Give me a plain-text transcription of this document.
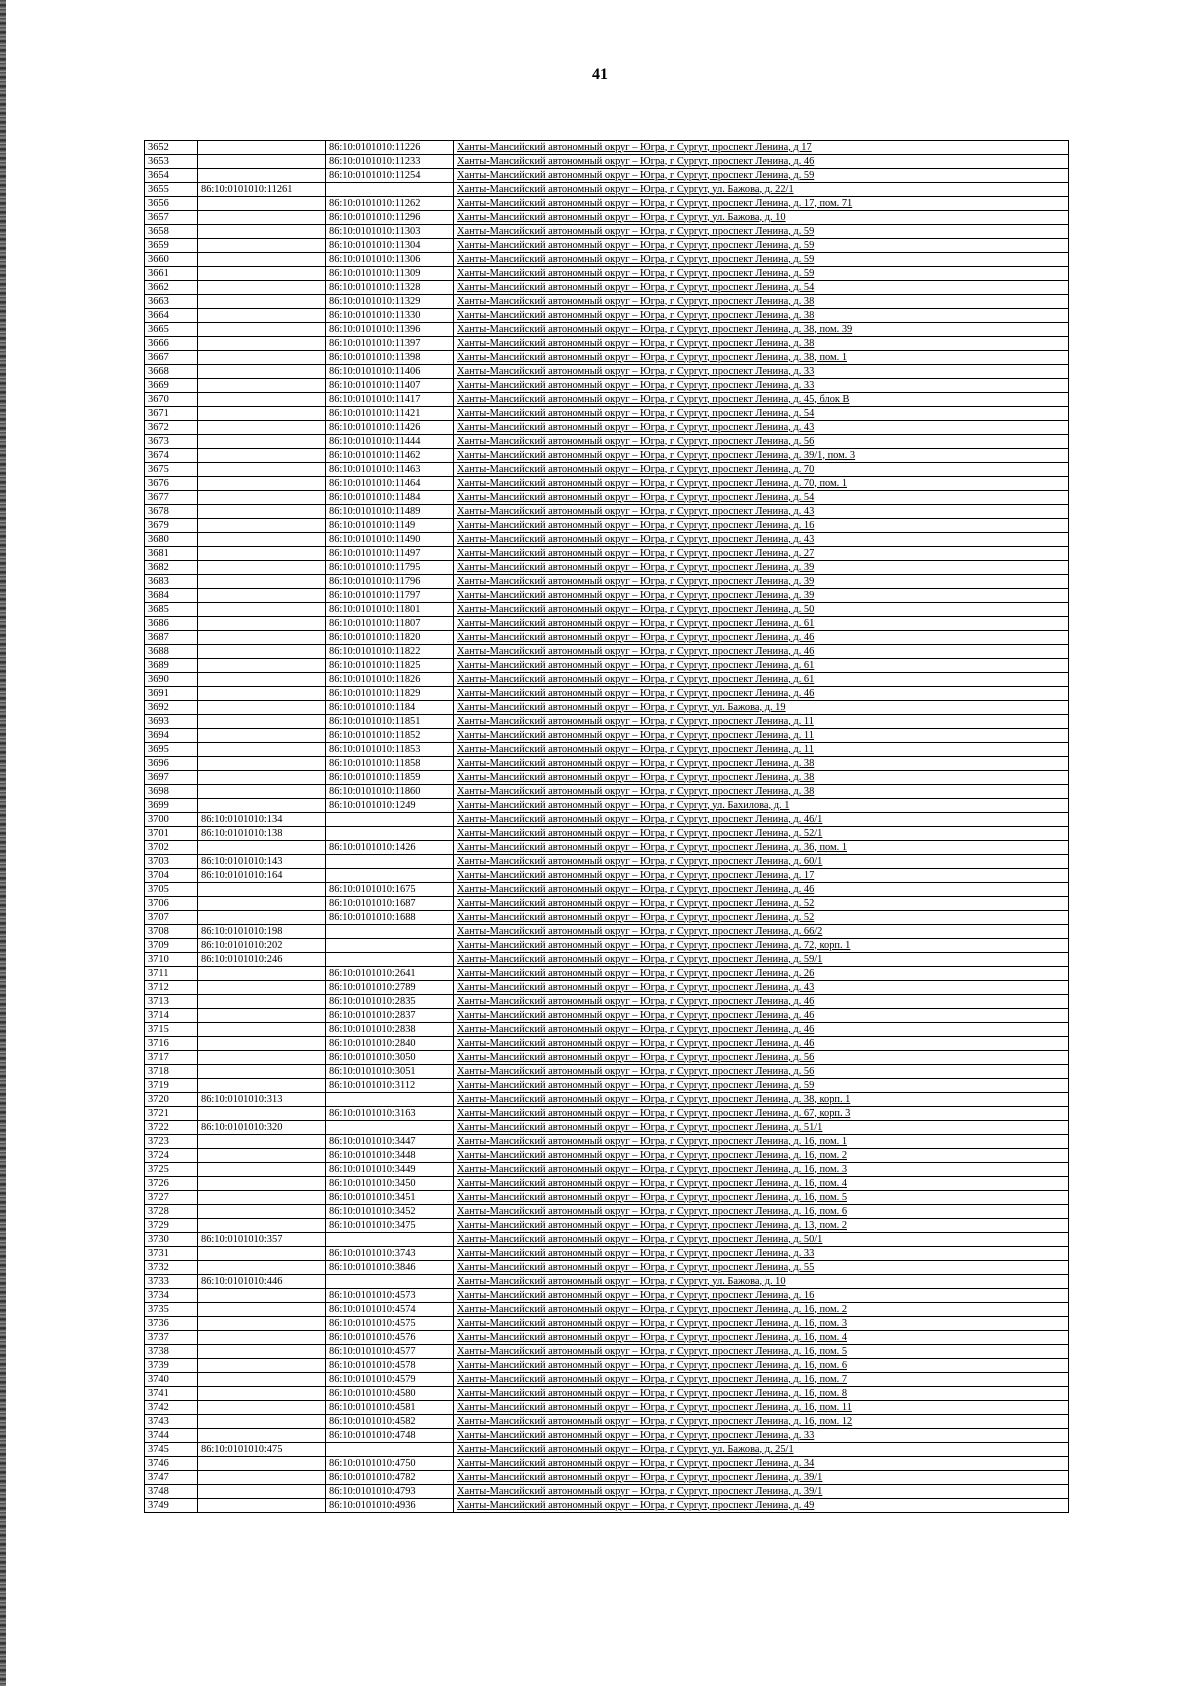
41
3652		86:10:0101010:11226	Ханты-Мансийский автономный округ – Югра, г Сургут, проспект Ленина, д 17
3653		86:10:0101010:11233	Ханты-Мансийский автономный округ – Югра, г Сургут, проспект Ленина, д. 46
3654		86:10:0101010:11254	Ханты-Мансийский автономный округ – Югра, г Сургут, проспект Ленина, д. 59
3655	86:10:0101010:11261		Ханты-Мансийский автономный округ – Югра, г Сургут, ул. Бажова, д. 22/1
3656		86:10:0101010:11262	Ханты-Мансийский автономный округ – Югра, г Сургут, проспект Ленина, д. 17, пом. 71
3657		86:10:0101010:11296	Ханты-Мансийский автономный округ – Югра, г Сургут, ул. Бажова, д. 10
3658		86:10:0101010:11303	Ханты-Мансийский автономный округ – Югра, г Сургут, проспект Ленина, д. 59
3659		86:10:0101010:11304	Ханты-Мансийский автономный округ – Югра, г Сургут, проспект Ленина, д. 59
3660		86:10:0101010:11306	Ханты-Мансийский автономный округ – Югра, г Сургут, проспект Ленина, д. 59
3661		86:10:0101010:11309	Ханты-Мансийский автономный округ – Югра, г Сургут, проспект Ленина, д. 59
3662		86:10:0101010:11328	Ханты-Мансийский автономный округ – Югра, г Сургут, проспект Ленина, д. 54
3663		86:10:0101010:11329	Ханты-Мансийский автономный округ – Югра, г Сургут, проспект Ленина, д. 38
3664		86:10:0101010:11330	Ханты-Мансийский автономный округ – Югра, г Сургут, проспект Ленина, д. 38
3665		86:10:0101010:11396	Ханты-Мансийский автономный округ – Югра, г Сургут, проспект Ленина, д. 38, пом. 39
3666		86:10:0101010:11397	Ханты-Мансийский автономный округ – Югра, г Сургут, проспект Ленина, д. 38
3667		86:10:0101010:11398	Ханты-Мансийский автономный округ – Югра, г Сургут, проспект Ленина, д. 38, пом. 1
3668		86:10:0101010:11406	Ханты-Мансийский автономный округ – Югра, г Сургут, проспект Ленина, д. 33
3669		86:10:0101010:11407	Ханты-Мансийский автономный округ – Югра, г Сургут, проспект Ленина, д. 33
3670		86:10:0101010:11417	Ханты-Мансийский автономный округ – Югра, г Сургут, проспект Ленина, д. 45, блок В
3671		86:10:0101010:11421	Ханты-Мансийский автономный округ – Югра, г Сургут, проспект Ленина, д. 54
3672		86:10:0101010:11426	Ханты-Мансийский автономный округ – Югра, г Сургут, проспект Ленина, д. 43
3673		86:10:0101010:11444	Ханты-Мансийский автономный округ – Югра, г Сургут, проспект Ленина, д. 56
3674		86:10:0101010:11462	Ханты-Мансийский автономный округ – Югра, г Сургут, проспект Ленина, д. 39/1, пом. 3
3675		86:10:0101010:11463	Ханты-Мансийский автономный округ – Югра, г Сургут, проспект Ленина, д. 70
3676		86:10:0101010:11464	Ханты-Мансийский автономный округ – Югра, г Сургут, проспект Ленина, д. 70, пом. 1
3677		86:10:0101010:11484	Ханты-Мансийский автономный округ – Югра, г Сургут, проспект Ленина, д. 54
3678		86:10:0101010:11489	Ханты-Мансийский автономный округ – Югра, г Сургут, проспект Ленина, д. 43
3679		86:10:0101010:1149	Ханты-Мансийский автономный округ – Югра, г Сургут, проспект Ленина, д. 16
3680		86:10:0101010:11490	Ханты-Мансийский автономный округ – Югра, г Сургут, проспект Ленина, д. 43
3681		86:10:0101010:11497	Ханты-Мансийский автономный округ – Югра, г Сургут, проспект Ленина, д. 27
3682		86:10:0101010:11795	Ханты-Мансийский автономный округ – Югра, г Сургут, проспект Ленина, д. 39
3683		86:10:0101010:11796	Ханты-Мансийский автономный округ – Югра, г Сургут, проспект Ленина, д. 39
3684		86:10:0101010:11797	Ханты-Мансийский автономный округ – Югра, г Сургут, проспект Ленина, д. 39
3685		86:10:0101010:11801	Ханты-Мансийский автономный округ – Югра, г Сургут, проспект Ленина, д. 50
3686		86:10:0101010:11807	Ханты-Мансийский автономный округ – Югра, г Сургут, проспект Ленина, д. 61
3687		86:10:0101010:11820	Ханты-Мансийский автономный округ – Югра, г Сургут, проспект Ленина, д. 46
3688		86:10:0101010:11822	Ханты-Мансийский автономный округ – Югра, г Сургут, проспект Ленина, д. 46
3689		86:10:0101010:11825	Ханты-Мансийский автономный округ – Югра, г Сургут, проспект Ленина, д. 61
3690		86:10:0101010:11826	Ханты-Мансийский автономный округ – Югра, г Сургут, проспект Ленина, д. 61
3691		86:10:0101010:11829	Ханты-Мансийский автономный округ – Югра, г Сургут, проспект Ленина, д. 46
3692		86:10:0101010:1184	Ханты-Мансийский автономный округ – Югра, г Сургут, ул. Бажова, д. 19
3693		86:10:0101010:11851	Ханты-Мансийский автономный округ – Югра, г Сургут, проспект Ленина, д. 11
3694		86:10:0101010:11852	Ханты-Мансийский автономный округ – Югра, г Сургут, проспект Ленина, д. 11
3695		86:10:0101010:11853	Ханты-Мансийский автономный округ – Югра, г Сургут, проспект Ленина, д. 11
3696		86:10:0101010:11858	Ханты-Мансийский автономный округ – Югра, г Сургут, проспект Ленина, д. 38
3697		86:10:0101010:11859	Ханты-Мансийский автономный округ – Югра, г Сургут, проспект Ленина, д. 38
3698		86:10:0101010:11860	Ханты-Мансийский автономный округ – Югра, г Сургут, проспект Ленина, д. 38
3699		86:10:0101010:1249	Ханты-Мансийский автономный округ – Югра, г Сургут, ул. Бахилова, д. 1
3700	86:10:0101010:134		Ханты-Мансийский автономный округ – Югра, г Сургут, проспект Ленина, д. 46/1
3701	86:10:0101010:138		Ханты-Мансийский автономный округ – Югра, г Сургут, проспект Ленина, д. 52/1
3702		86:10:0101010:1426	Ханты-Мансийский автономный округ – Югра, г Сургут, проспект Ленина, д. 36, пом. 1
3703	86:10:0101010:143		Ханты-Мансийский автономный округ – Югра, г Сургут, проспект Ленина, д. 60/1
3704	86:10:0101010:164		Ханты-Мансийский автономный округ – Югра, г Сургут, проспект Ленина, д. 17
3705		86:10:0101010:1675	Ханты-Мансийский автономный округ – Югра, г Сургут, проспект Ленина, д. 46
3706		86:10:0101010:1687	Ханты-Мансийский автономный округ – Югра, г Сургут, проспект Ленина, д. 52
3707		86:10:0101010:1688	Ханты-Мансийский автономный округ – Югра, г Сургут, проспект Ленина, д. 52
3708	86:10:0101010:198		Ханты-Мансийский автономный округ – Югра, г Сургут, проспект Ленина, д. 66/2
3709	86:10:0101010:202		Ханты-Мансийский автономный округ – Югра, г Сургут, проспект Ленина, д. 72, корп. 1
3710	86:10:0101010:246		Ханты-Мансийский автономный округ – Югра, г Сургут, проспект Ленина, д. 59/1
3711		86:10:0101010:2641	Ханты-Мансийский автономный округ – Югра, г Сургут, проспект Ленина, д. 26
3712		86:10:0101010:2789	Ханты-Мансийский автономный округ – Югра, г Сургут, проспект Ленина, д. 43
3713		86:10:0101010:2835	Ханты-Мансийский автономный округ – Югра, г Сургут, проспект Ленина, д. 46
3714		86:10:0101010:2837	Ханты-Мансийский автономный округ – Югра, г Сургут, проспект Ленина, д. 46
3715		86:10:0101010:2838	Ханты-Мансийский автономный округ – Югра, г Сургут, проспект Ленина, д. 46
3716		86:10:0101010:2840	Ханты-Мансийский автономный округ – Югра, г Сургут, проспект Ленина, д. 46
3717		86:10:0101010:3050	Ханты-Мансийский автономный округ – Югра, г Сургут, проспект Ленина, д. 56
3718		86:10:0101010:3051	Ханты-Мансийский автономный округ – Югра, г Сургут, проспект Ленина, д. 56
3719		86:10:0101010:3112	Ханты-Мансийский автономный округ – Югра, г Сургут, проспект Ленина, д. 59
3720	86:10:0101010:313		Ханты-Мансийский автономный округ – Югра, г Сургут, проспект Ленина, д. 38, корп. 1
3721		86:10:0101010:3163	Ханты-Мансийский автономный округ – Югра, г Сургут, проспект Ленина, д. 67, корп. 3
3722	86:10:0101010:320		Ханты-Мансийский автономный округ – Югра, г Сургут, проспект Ленина, д. 51/1
3723		86:10:0101010:3447	Ханты-Мансийский автономный округ – Югра, г Сургут, проспект Ленина, д. 16, пом. 1
3724		86:10:0101010:3448	Ханты-Мансийский автономный округ – Югра, г Сургут, проспект Ленина, д. 16, пом. 2
3725		86:10:0101010:3449	Ханты-Мансийский автономный округ – Югра, г Сургут, проспект Ленина, д. 16, пом. 3
3726		86:10:0101010:3450	Ханты-Мансийский автономный округ – Югра, г Сургут, проспект Ленина, д. 16, пом. 4
3727		86:10:0101010:3451	Ханты-Мансийский автономный округ – Югра, г Сургут, проспект Ленина, д. 16, пом. 5
3728		86:10:0101010:3452	Ханты-Мансийский автономный округ – Югра, г Сургут, проспект Ленина, д. 16, пом. 6
3729		86:10:0101010:3475	Ханты-Мансийский автономный округ – Югра, г Сургут, проспект Ленина, д. 13, пом. 2
3730	86:10:0101010:357		Ханты-Мансийский автономный округ – Югра, г Сургут, проспект Ленина, д. 50/1
3731		86:10:0101010:3743	Ханты-Мансийский автономный округ – Югра, г Сургут, проспект Ленина, д. 33
3732		86:10:0101010:3846	Ханты-Мансийский автономный округ – Югра, г Сургут, проспект Ленина, д. 55
3733	86:10:0101010:446		Ханты-Мансийский автономный округ – Югра, г Сургут, ул. Бажова, д. 10
3734		86:10:0101010:4573	Ханты-Мансийский автономный округ – Югра, г Сургут, проспект Ленина, д. 16
3735		86:10:0101010:4574	Ханты-Мансийский автономный округ – Югра, г Сургут, проспект Ленина, д. 16, пом. 2
3736		86:10:0101010:4575	Ханты-Мансийский автономный округ – Югра, г Сургут, проспект Ленина, д. 16, пом. 3
3737		86:10:0101010:4576	Ханты-Мансийский автономный округ – Югра, г Сургут, проспект Ленина, д. 16, пом. 4
3738		86:10:0101010:4577	Ханты-Мансийский автономный округ – Югра, г Сургут, проспект Ленина, д. 16, пом. 5
3739		86:10:0101010:4578	Ханты-Мансийский автономный округ – Югра, г Сургут, проспект Ленина, д. 16, пом. 6
3740		86:10:0101010:4579	Ханты-Мансийский автономный округ – Югра, г Сургут, проспект Ленина, д. 16, пом. 7
3741		86:10:0101010:4580	Ханты-Мансийский автономный округ – Югра, г Сургут, проспект Ленина, д. 16, пом. 8
3742		86:10:0101010:4581	Ханты-Мансийский автономный округ – Югра, г Сургут, проспект Ленина, д. 16, пом. 11
3743		86:10:0101010:4582	Ханты-Мансийский автономный округ – Югра, г Сургут, проспект Ленина, д. 16, пом. 12
3744		86:10:0101010:4748	Ханты-Мансийский автономный округ – Югра, г Сургут, проспект Ленина, д. 33
3745	86:10:0101010:475		Ханты-Мансийский автономный округ – Югра, г Сургут, ул. Бажова, д. 25/1
3746		86:10:0101010:4750	Ханты-Мансийский автономный округ – Югра, г Сургут, проспект Ленина, д. 34
3747		86:10:0101010:4782	Ханты-Мансийский автономный округ – Югра, г Сургут, проспект Ленина, д. 39/1
3748		86:10:0101010:4793	Ханты-Мансийский автономный округ – Югра, г Сургут, проспект Ленина, д. 39/1
3749		86:10:0101010:4936	Ханты-Мансийский автономный округ – Югра, г Сургут, проспект Ленина, д. 49
